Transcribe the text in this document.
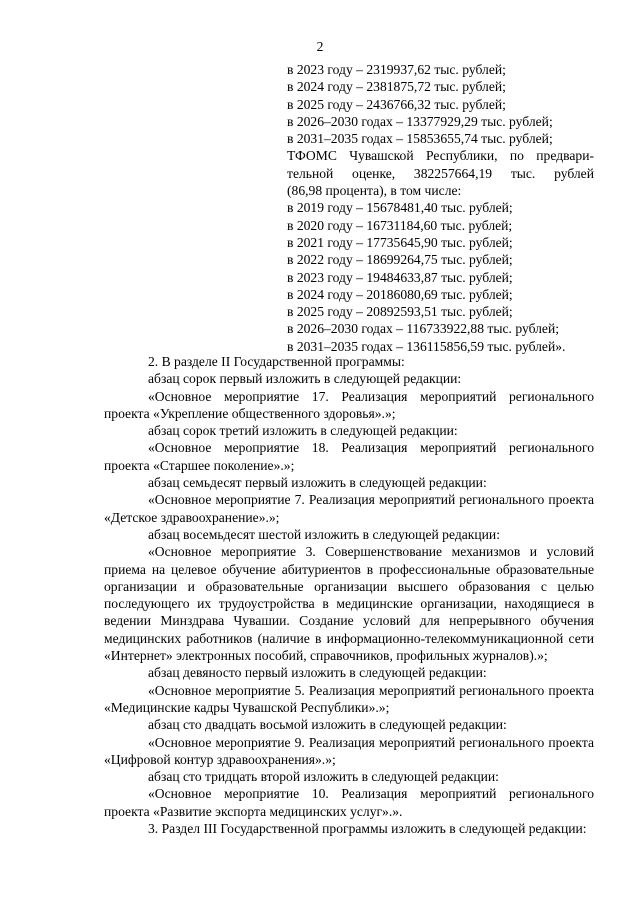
2
в 2023 году – 2319937,62 тыс. рублей;
в 2024 году – 2381875,72 тыс. рублей;
в 2025 году – 2436766,32 тыс. рублей;
в 2026–2030 годах – 13377929,29 тыс. рублей;
в 2031–2035 годах – 15853655,74 тыс. рублей;
ТФОМС Чувашской Республики, по предвари-
тельной оценке, 382257664,19 тыс. рублей
(86,98 процента), в том числе:
в 2019 году – 15678481,40 тыс. рублей;
в 2020 году – 16731184,60 тыс. рублей;
в 2021 году – 17735645,90 тыс. рублей;
в 2022 году – 18699264,75 тыс. рублей;
в 2023 году – 19484633,87 тыс. рублей;
в 2024 году – 20186080,69 тыс. рублей;
в 2025 году – 20892593,51 тыс. рублей;
в 2026–2030 годах – 116733922,88 тыс. рублей;
в 2031–2035 годах – 136115856,59 тыс. рублей».
2. В разделе II Государственной программы:
абзац сорок первый изложить в следующей редакции:
«Основное мероприятие 17. Реализация мероприятий регионального проекта «Укрепление общественного здоровья».»;
абзац сорок третий изложить в следующей редакции:
«Основное мероприятие 18. Реализация мероприятий регионального проекта «Старшее поколение».»;
абзац семьдесят первый изложить в следующей редакции:
«Основное мероприятие 7. Реализация мероприятий регионального проекта «Детское здравоохранение».»;
абзац восемьдесят шестой изложить в следующей редакции:
«Основное мероприятие 3. Совершенствование механизмов и условий приема на целевое обучение абитуриентов в профессиональные образовательные организации и образовательные организации высшего образования с целью последующего их трудоустройства в медицинские организации, находящиеся в ведении Минздрава Чувашии. Создание условий для непрерывного обучения медицинских работников (наличие в информационно-телекоммуникационной сети «Интернет» электронных пособий, справочников, профильных журналов).»;
абзац девяносто первый изложить в следующей редакции:
«Основное мероприятие 5. Реализация мероприятий регионального проекта «Медицинские кадры Чувашской Республики».»;
абзац сто двадцать восьмой изложить в следующей редакции:
«Основное мероприятие 9. Реализация мероприятий регионального проекта «Цифровой контур здравоохранения».»;
абзац сто тридцать второй изложить в следующей редакции:
«Основное мероприятие 10. Реализация мероприятий регионального проекта «Развитие экспорта медицинских услуг».».
3. Раздел III Государственной программы изложить в следующей редакции:
